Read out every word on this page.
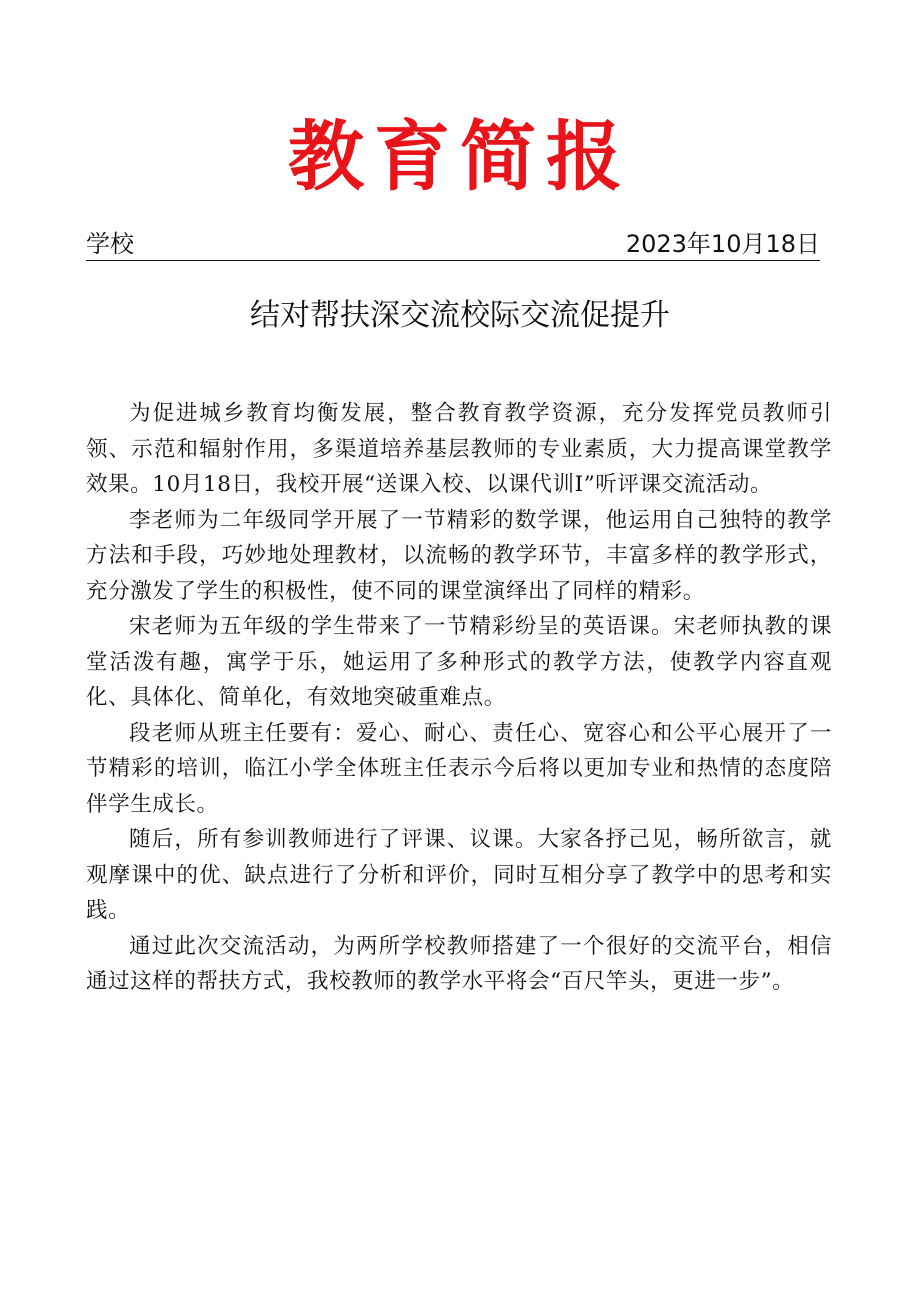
教育简报
学校	2023年10月18日
结对帮扶深交流校际交流促提升

为促进城乡教育均衡发展，整合教育教学资源，充分发挥党员教师引领、示范和辐射作用，多渠道培养基层教师的专业素质，大力提高课堂教学效果。10月18日，我校开展“送课入校、以课代训I”听评课交流活动。

李老师为二年级同学开展了一节精彩的数学课，他运用自己独特的教学方法和手段，巧妙地处理教材，以流畅的教学环节，丰富多样的教学形式，充分激发了学生的积极性，使不同的课堂演绎出了同样的精彩。

宋老师为五年级的学生带来了一节精彩纷呈的英语课。宋老师执教的课堂活泼有趣，寓学于乐，她运用了多种形式的教学方法，使教学内容直观化、具体化、简单化，有效地突破重难点。

段老师从班主任要有：爱心、耐心、责任心、宽容心和公平心展开了一节精彩的培训，临江小学全体班主任表示今后将以更加专业和热情的态度陪伴学生成长。

随后，所有参训教师进行了评课、议课。大家各抒己见，畅所欲言，就观摩课中的优、缺点进行了分析和评价，同时互相分享了教学中的思考和实践。

通过此次交流活动，为两所学校教师搭建了一个很好的交流平台，相信通过这样的帮扶方式，我校教师的教学水平将会“百尺竿头，更进一步”。
